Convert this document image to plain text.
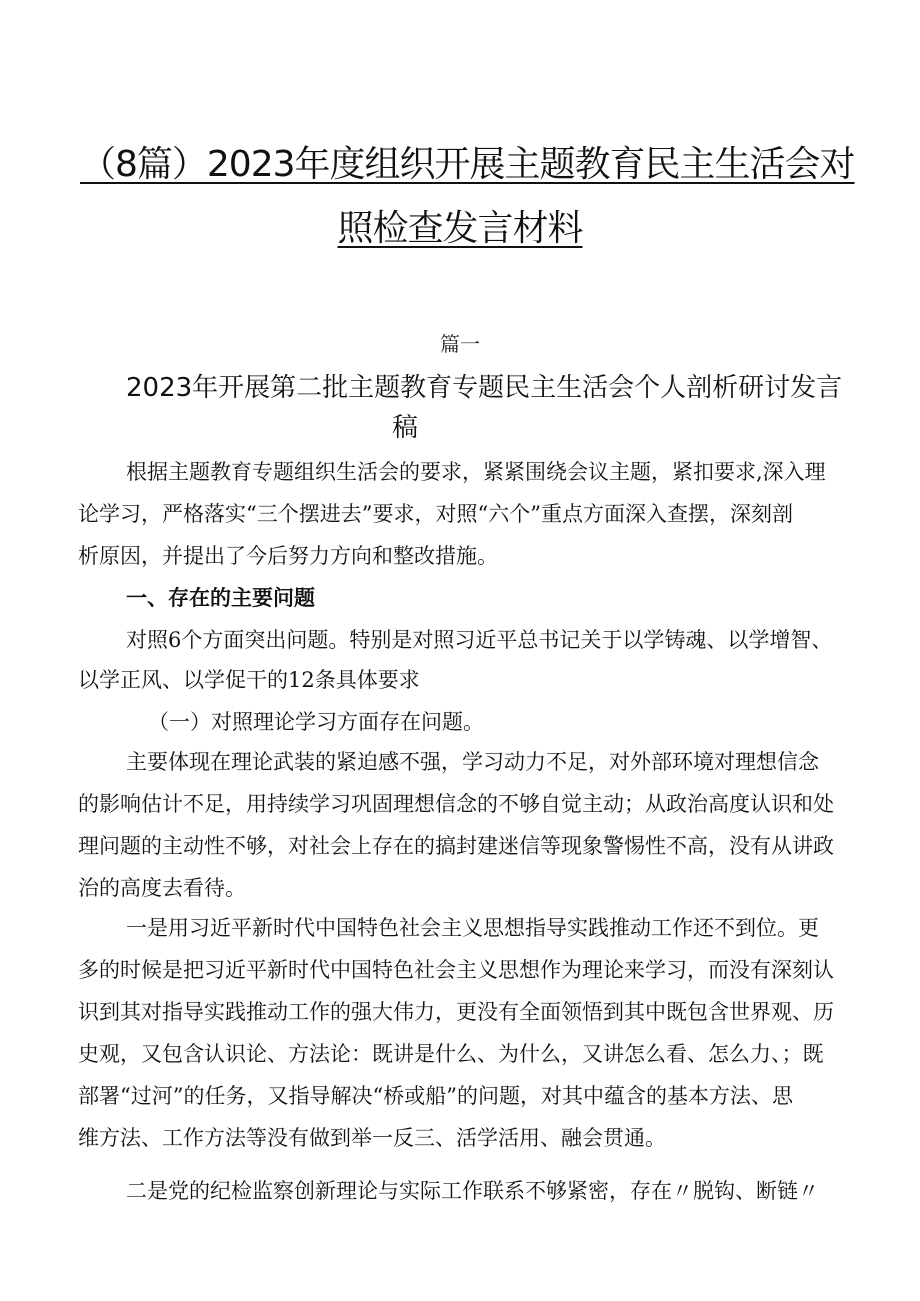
（8篇）2023年度组织开展主题教育民主生活会对
照检查发言材料
篇一
2023年开展第二批主题教育专题民主生活会个人剖析研讨发言
稿
根据主题教育专题组织生活会的要求，紧紧围绕会议主题，紧扣要求,深入理
论学习，严格落实“三个摆进去”要求，对照“六个”重点方面深入查摆，深刻剖
析原因，并提出了今后努力方向和整改措施。
一、存在的主要问题
对照6个方面突出问题。特别是对照习近平总书记关于以学铸魂、以学增智、
以学正风、以学促干的12条具体要求
（一）对照理论学习方面存在问题。
主要体现在理论武装的紧迫感不强，学习动力不足，对外部环境对理想信念
的影响估计不足，用持续学习巩固理想信念的不够自觉主动；从政治高度认识和处
理问题的主动性不够，对社会上存在的搞封建迷信等现象警惕性不高，没有从讲政
治的高度去看待。
一是用习近平新时代中国特色社会主义思想指导实践推动工作还不到位。更
多的时候是把习近平新时代中国特色社会主义思想作为理论来学习，而没有深刻认
识到其对指导实践推动工作的强大伟力，更没有全面领悟到其中既包含世界观、历
史观，又包含认识论、方法论：既讲是什么、为什么，又讲怎么看、怎么力、；既
部署“过河”的任务，又指导解决“桥或船”的问题，对其中蕴含的基本方法、思
维方法、工作方法等没有做到举一反三、活学活用、融会贯通。
二是党的纪检监察创新理论与实际工作联系不够紧密，存在〃脱钩、断链〃
